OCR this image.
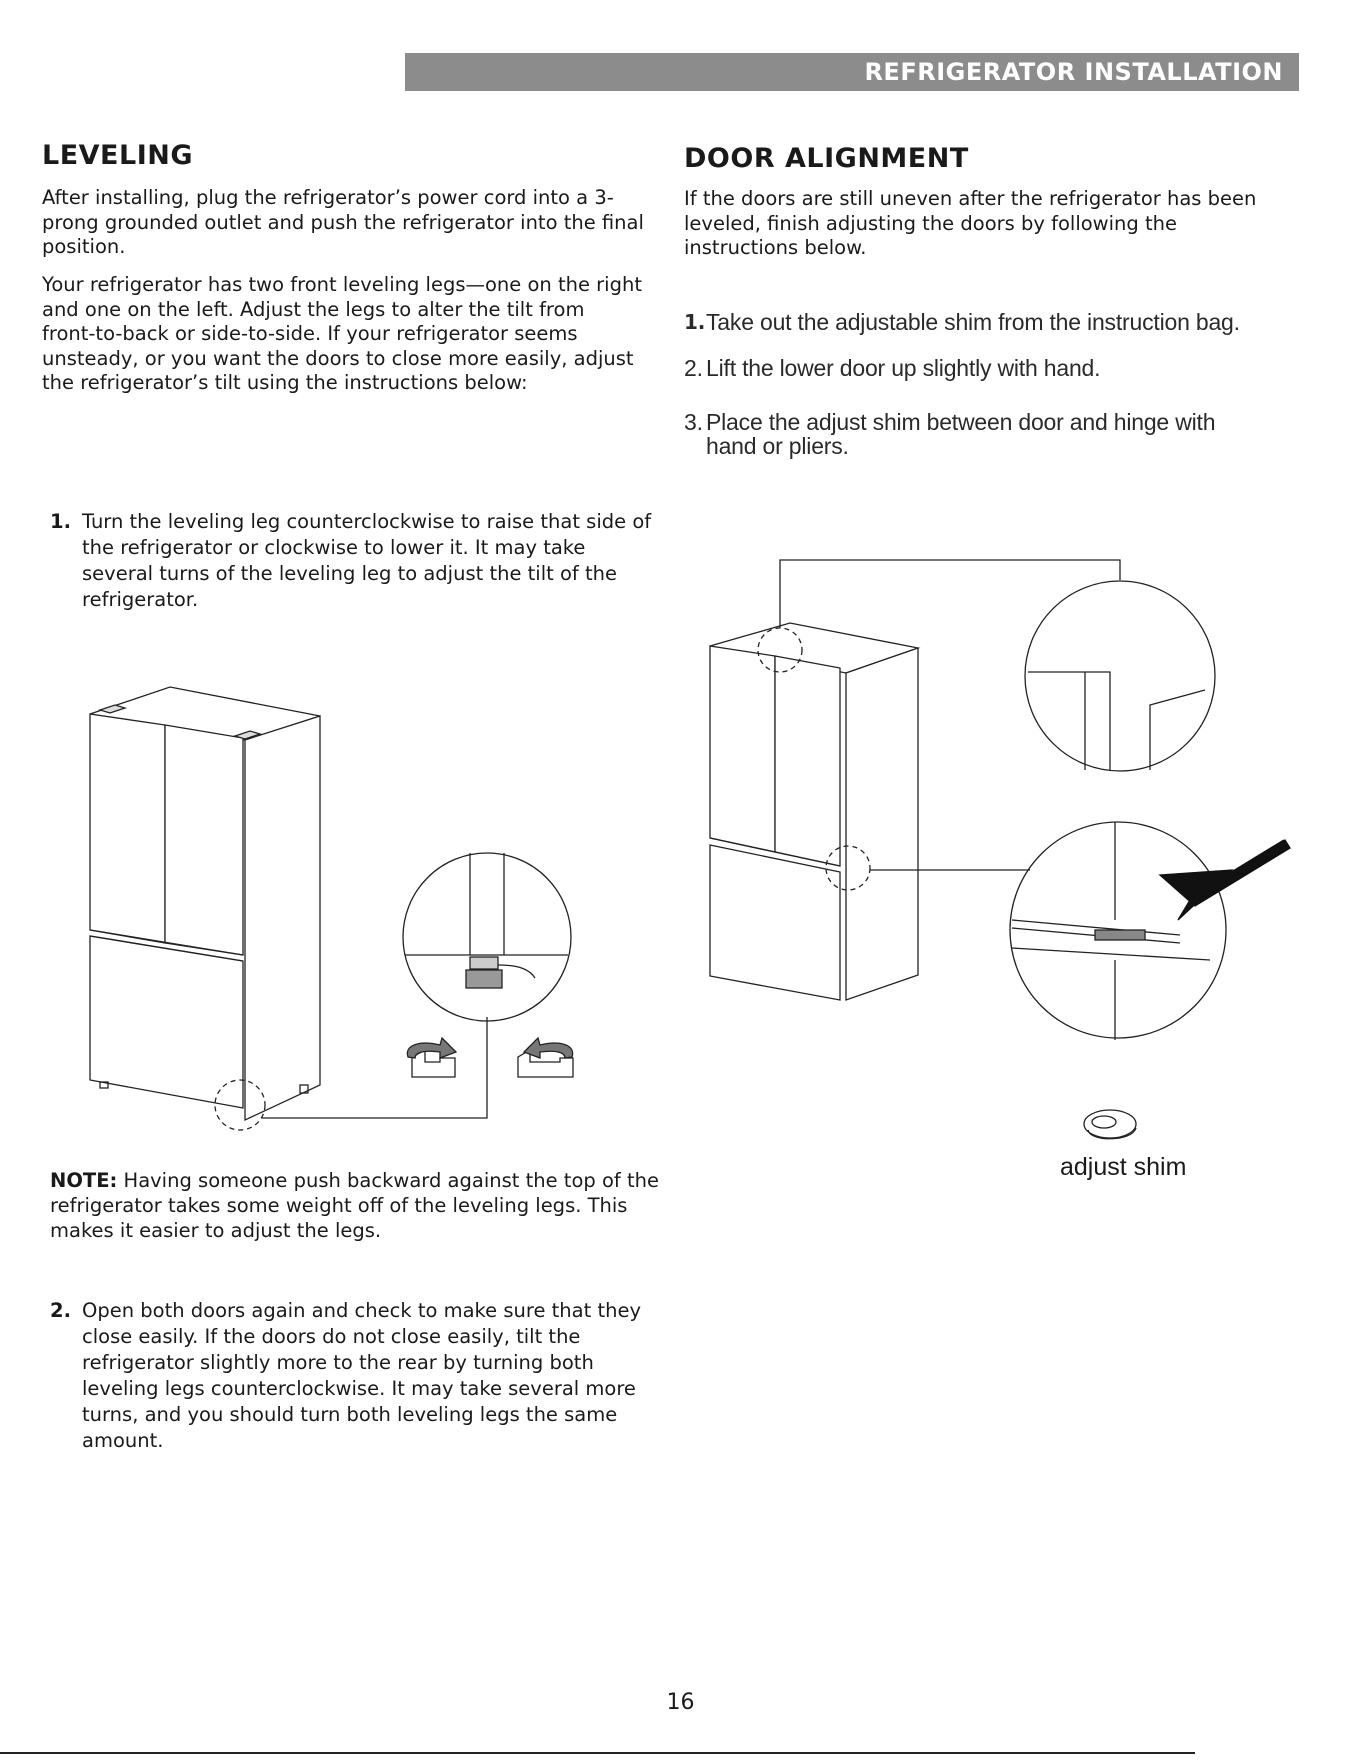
REFRIGERATOR INSTALLATION
LEVELING

After installing, plug the refrigerator’s power cord into a 3-prong grounded outlet and push the refrigerator into the final position.

Your refrigerator has two front leveling legs—one on the right and one on the left. Adjust the legs to alter the tilt from front-to-back or side-to-side. If your refrigerator seems unsteady, or you want the doors to close more easily, adjust the refrigerator’s tilt using the instructions below:

1. Turn the leveling leg counterclockwise to raise that side of the refrigerator or clockwise to lower it. It may take several turns of the leveling leg to adjust the tilt of the refrigerator.

NOTE: Having someone push backward against the top of the refrigerator takes some weight off of the leveling legs. This makes it easier to adjust the legs.

2. Open both doors again and check to make sure that they close easily. If the doors do not close easily, tilt the refrigerator slightly more to the rear by turning both leveling legs counterclockwise. It may take several more turns, and you should turn both leveling legs the same amount.
DOOR ALIGNMENT

If the doors are still uneven after the refrigerator has been leveled, finish adjusting the doors by following the instructions below.

1. Take out the adjustable shim from the instruction bag.
2. Lift the lower door up slightly with hand.
3. Place the adjust shim between door and hinge with hand or pliers.
adjust shim
16
